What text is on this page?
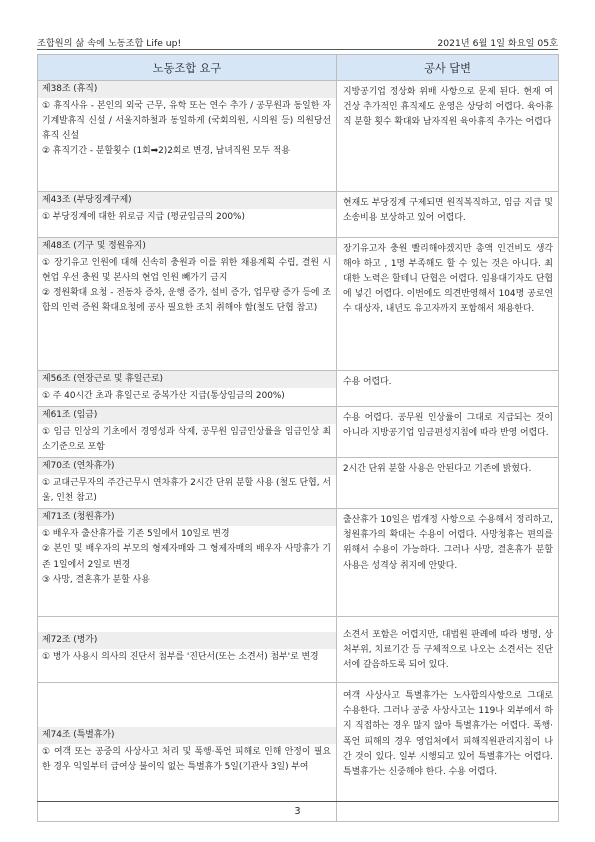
조합원의 삶 속에 노동조합 Life up!	2021년 6월 1일 화요일 05호
노동조합 요구	공사 답변

제38조 (휴직)
① 휴직사유 - 본인의 외국 근무, 유학 또는 연수 추가 / 공무원과 동일한 자기계발휴직 신설 / 서울지하철과 동일하게 (국회의원, 시의원 등) 의원당선휴직 신설
② 휴직기간 - 분할횟수 (1회➡2)2회로 변경, 남녀직원 모두 적용	지방공기업 정상화 위배 사항으로 문제 된다. 현재 여건상 추가적인 휴직제도 운영은 상당히 어렵다. 육아휴직 분할 횟수 확대와 남자직원 육아휴직 추가는 어렵다

제43조 (부당징계구제)
① 부당징계에 대한 위로금 지급 (평균임금의 200%)	현재도 부당징계 구제되면 원직복직하고, 임금 지급 및 소송비용 보상하고 있어 어렵다.

제48조 (기구 및 정원유지)
① 장기유고 인원에 대해 신속히 충원과 이를 위한 채용계획 수립, 결원 시 현업 우선 충원 및 본사의 현업 인원 빼가기 금지
② 정원확대 요청 - 전동차 증차, 운행 증가, 설비 증가, 업무량 증가 등에 조합의 인력 증원 확대요청에 공사 필요한 조치 취해야 함(철도 단협 참고)	장기유고자 충원 빨리해야겠지만 총액 인건비도 생각해야 하고 , 1명 부족해도 할 수 있는 것은 아니다. 최대한 노력은 할테니 단협은 어렵다. 임용대기자도 단협에 넣긴 어렵다. 이번에도 의견반영해서 104명 공로연수 대상자, 내년도 유고자까지 포함해서 채용한다.

제56조 (연장근로 및 휴일근로)
① 주 40시간 초과 휴일근로 중복가산 지급(통상임금의 200%)	수용 어렵다.

제61조 (임금)
① 임금 인상의 기초에서 경영성과 삭제, 공무원 임금인상률을 임금인상 최소기준으로 포함	수용 어렵다. 공무원 인상률이 그대로 지급되는 것이 아니라 지방공기업 임금편성지침에 따라 반영 어렵다.

제70조 (연차휴가)
① 교대근무자의 주간근무시 연차휴가 2시간 단위 분할 사용 (철도 단협, 서울, 인천 참고)	2시간 단위 분할 사용은 안된다고 기존에 밝혔다.

제71조 (청원휴가)
① 배우자 출산휴가를 기존 5일에서 10일로 변경
② 본인 및 배우자의 부모의 형제자매와 그 형제자매의 배우자 사망휴가 기존 1일에서 2일로 변경
③ 사망, 결혼휴가 분할 사용	출산휴가 10일은 법개정 사항으로 수용해서 정리하고, 청원휴가의 확대는 수용이 어렵다. 사망청휴는 편의를 위해서 수용이 가능하다. 그러나 사망, 결혼휴가 분할 사용은 성격상 취지에 안맞다.

제72조 (병가)
① 병가 사용시 의사의 진단서 첨부를 '진단서(또는 소견서) 첨부'로 변경	소견서 포함은 어렵지만, 대법원 판례에 따라 병명, 상처부위, 치료기간 등 구체적으로 나오는 소견서는 진단서에 갈음하도록 되어 있다.

제74조 (특별휴가)
① 여객 또는 공중의 사상사고 처리 및 폭행·폭언 피해로 인해 안정이 필요한 경우 익일부터 급여상 불이익 없는 특별휴가 5일(기관사 3일) 부여	여객 사상사고 특별휴가는 노사합의사항으로 그대로 수용한다. 그러나 공중 사상사고는 119나 외부에서 하지 직접하는 경우 많지 않아 특별휴가는 어렵다. 폭행·폭언 피해의 경우 영업처에서 피해직원관리지침이 나간 것이 있다. 일부 시행되고 있어 특별휴가는 어렵다. 특별휴가는 신중해야 한다. 수용 어렵다.
3
